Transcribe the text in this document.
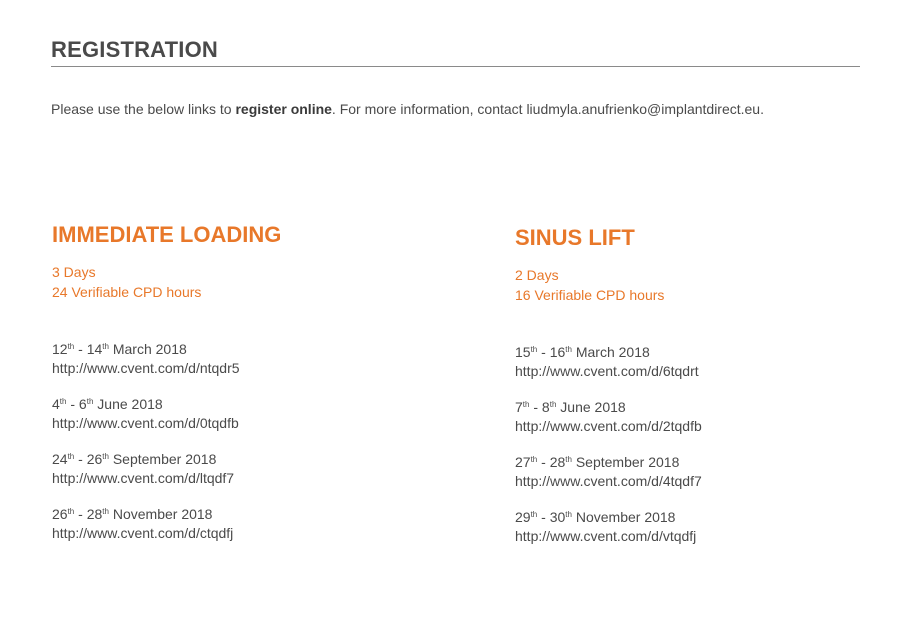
REGISTRATION
Please use the below links to register online. For more information, contact liudmyla.anufrienko@implantdirect.eu.
IMMEDIATE LOADING
3 Days
24 Verifiable CPD hours
12th - 14th March 2018
http://www.cvent.com/d/ntqdr5
4th - 6th June 2018
http://www.cvent.com/d/0tqdfb
24th - 26th September 2018
http://www.cvent.com/d/ltqdf7
26th - 28th November 2018
http://www.cvent.com/d/ctqdfj
SINUS LIFT
2 Days
16 Verifiable CPD hours
15th - 16th March 2018
http://www.cvent.com/d/6tqdrt
7th - 8th June 2018
http://www.cvent.com/d/2tqdfb
27th - 28th September 2018
http://www.cvent.com/d/4tqdf7
29th - 30th November 2018
http://www.cvent.com/d/vtqdfj
